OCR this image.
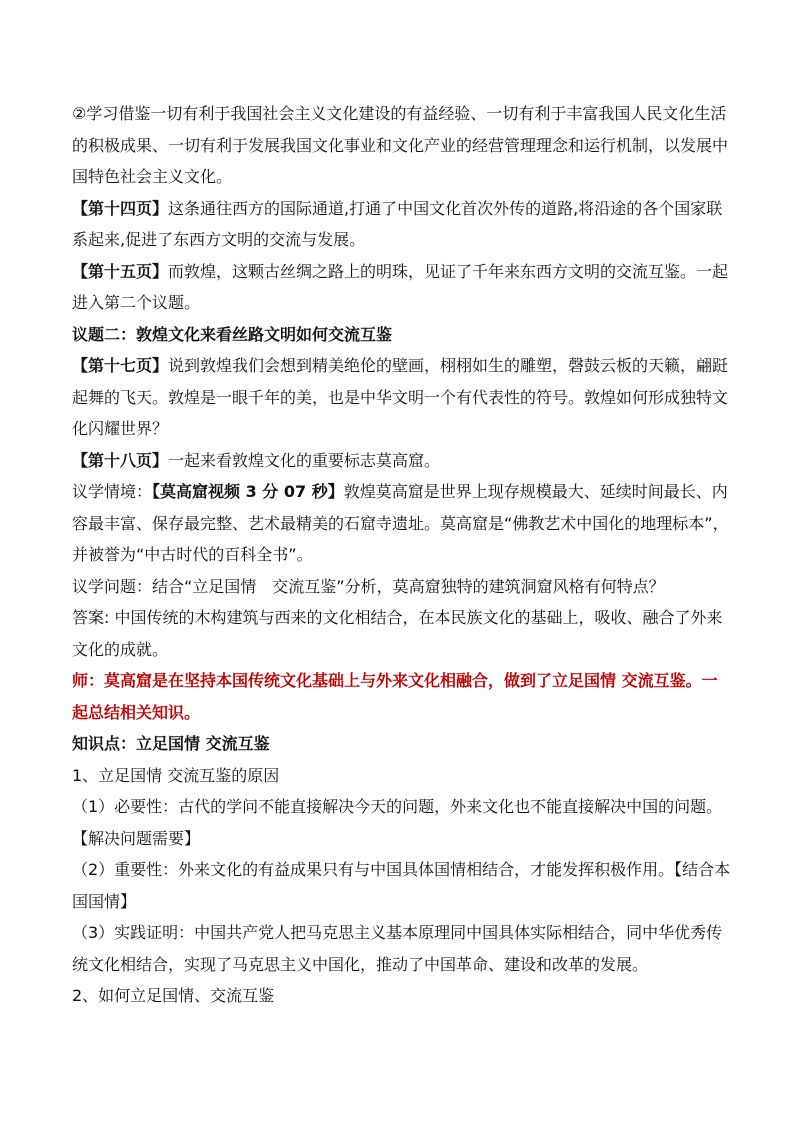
②学习借鉴一切有利于我国社会主义文化建设的有益经验、一切有利于丰富我国人民文化生活的积极成果、一切有利于发展我国文化事业和文化产业的经营管理理念和运行机制，以发展中国特色社会主义文化。

【第十四页】这条通往西方的国际通道,打通了中国文化首次外传的道路,将沿途的各个国家联系起来,促进了东西方文明的交流与发展。

【第十五页】而敦煌，这颗古丝绸之路上的明珠，见证了千年来东西方文明的交流互鉴。一起进入第二个议题。

议题二：敦煌文化来看丝路文明如何交流互鉴

【第十七页】说到敦煌我们会想到精美绝伦的壁画，栩栩如生的雕塑，磬鼓云板的天籁，翩跹起舞的飞天。敦煌是一眼千年的美，也是中华文明一个有代表性的符号。敦煌如何形成独特文化闪耀世界？

【第十八页】一起来看敦煌文化的重要标志莫高窟。

议学情境：【莫高窟视频 3 分 07 秒】敦煌莫高窟是世界上现存规模最大、延续时间最长、内容最丰富、保存最完整、艺术最精美的石窟寺遗址。莫高窟是“佛教艺术中国化的地理标本”，并被誉为“中古时代的百科全书”。

议学问题：结合“立足国情　交流互鉴”分析，莫高窟独特的建筑洞窟风格有何特点？

答案: 中国传统的木构建筑与西来的文化相结合，在本民族文化的基础上，吸收、融合了外来文化的成就。

师：莫高窟是在坚持本国传统文化基础上与外来文化相融合，做到了立足国情 交流互鉴。一起总结相关知识。

知识点：立足国情 交流互鉴

1、立足国情 交流互鉴的原因

（1）必要性：古代的学问不能直接解决今天的问题，外来文化也不能直接解决中国的问题。【解决问题需要】

（2）重要性：外来文化的有益成果只有与中国具体国情相结合，才能发挥积极作用。【结合本国国情】

（3）实践证明：中国共产党人把马克思主义基本原理同中国具体实际相结合，同中华优秀传统文化相结合，实现了马克思主义中国化，推动了中国革命、建设和改革的发展。

2、如何立足国情、交流互鉴
